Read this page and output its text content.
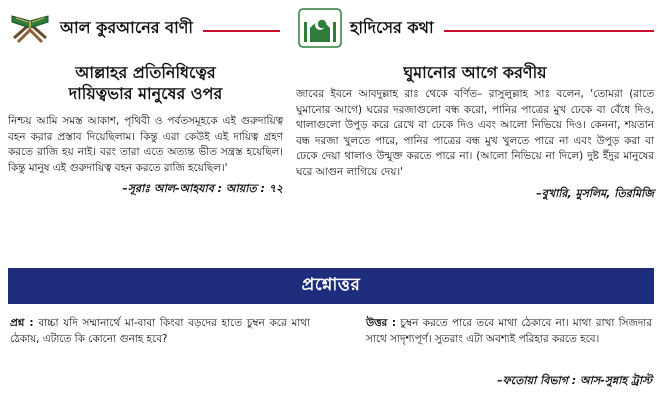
আল কুরআনের বাণী	হাদিসের কথা
আল্লাহর প্রতিনিধিত্বের
দায়িত্বভার মানুষের ওপর

নিশ্চয় আমি সমস্ত আকাশ, পৃথিবী ও পর্বতসমূহকে এই গুরুদায়িত্ব বহন করার প্রস্তাব দিয়েছিলাম। কিন্তু এরা কেউই এই দায়িত্ব গ্রহণ করতে রাজি হয় নাই। বরং তারা এতে অত্যন্ত ভীত সন্ত্রস্ত হয়েছিল। কিন্তু মানুষ এই গুরুদায়িত্ব বহন করতে রাজি হয়েছিল।'

–সূরাঃ আল-আহযাব : আয়াত : ৭২

ঘুমানোর আগে করণীয়

জাবের ইবনে আবদুল্লাহ রাঃ থেকে বর্ণিত– রাসুলুল্লাহ সাঃ বলেন, 'তোমরা (রাতে ঘুমানোর আগে) ঘরের দরজাগুলো বন্ধ করো, পানির পাত্রের মুখ ঢেকে বা বেঁধে দিও, থালাগুলো উপুড় করে রেখে বা ঢেকে দিও এবং আলো নিভিয়ে দিও। কেননা, শয়তান বন্ধ দরজা খুলতে পারে, পানির পাত্রের বন্ধ মুখ খুলতে পারে না এবং উপুড় করা বা ঢেকে দেয়া থালাও উন্মুক্ত করতে পারে না। (আলো নিভিয়ে না দিলে) দুষ্ট ইঁদুর মানুষের ঘরে আগুন লাগিয়ে দেয়।'

–বুখারি, মুসলিম, তিরমিজি

প্রশ্নোত্তর
প্রশ্ন : বাচ্চা যদি সম্মানার্থে মা-বাবা কিংবা বড়দের হাতে চুম্বন করে মাথা ঠেকায়, এটাতে কি কোনো গুনাহ হবে?
উত্তর : চুম্বন করতে পারে তবে মাথা ঠেকাবে না। মাথা রাখা সিজদার সাথে সাদৃশ্যপূর্ণ। সুতরাং এটা অবশ্যই পরিহার করতে হবে।
–ফতোয়া বিভাগ : আস-সুন্নাহ ট্রাস্ট
